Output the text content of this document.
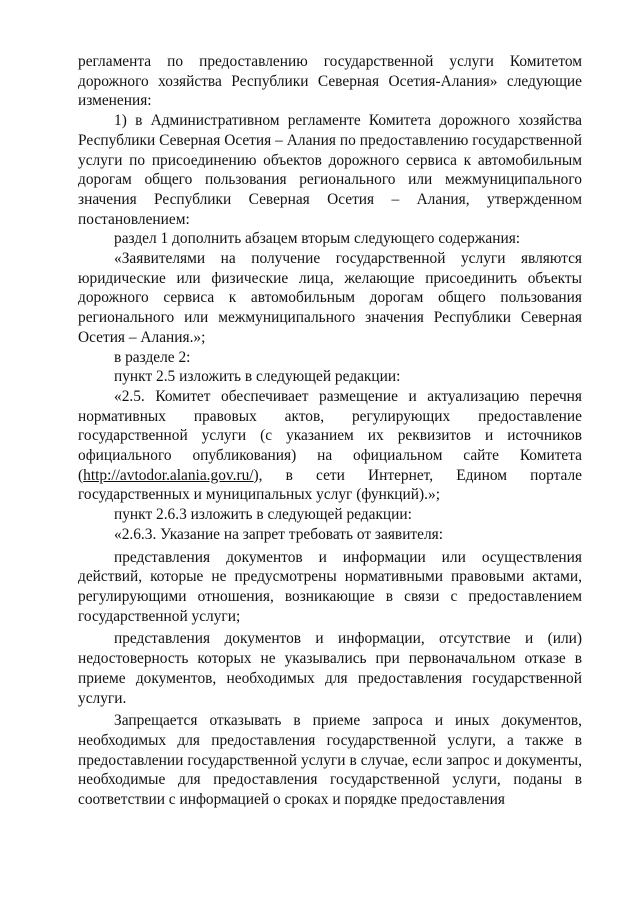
регламента по предоставлению государственной услуги Комитетом дорожного хозяйства Республики Северная Осетия-Алания» следующие изменения:

1) в Административном регламенте Комитета дорожного хозяйства Республики Северная Осетия – Алания по предоставлению государственной услуги по присоединению объектов дорожного сервиса к автомобильным дорогам общего пользования регионального или межмуниципального значения Республики Северная Осетия – Алания, утвержденном постановлением:

раздел 1 дополнить абзацем вторым следующего содержания:

«Заявителями на получение государственной услуги являются юридические или физические лица, желающие присоединить объекты дорожного сервиса к автомобильным дорогам общего пользования регионального или межмуниципального значения Республики Северная Осетия – Алания.»;

в разделе 2:

пункт 2.5 изложить в следующей редакции:

«2.5. Комитет обеспечивает размещение и актуализацию перечня нормативных правовых актов, регулирующих предоставление государственной услуги (с указанием их реквизитов и источников официального опубликования) на официальном сайте Комитета (http://avtodor.alania.gov.ru/), в сети Интернет, Едином портале государственных и муниципальных услуг (функций).»;

пункт 2.6.3 изложить в следующей редакции:

«2.6.3. Указание на запрет требовать от заявителя:

представления документов и информации или осуществления действий, которые не предусмотрены нормативными правовыми актами, регулирующими отношения, возникающие в связи с предоставлением государственной услуги;

представления документов и информации, отсутствие и (или) недостоверность которых не указывались при первоначальном отказе в приеме документов, необходимых для предоставления государственной услуги.

Запрещается отказывать в приеме запроса и иных документов, необходимых для предоставления государственной услуги, а также в предоставлении государственной услуги в случае, если запрос и документы, необходимые для предоставления государственной услуги, поданы в соответствии с информацией о сроках и порядке предоставления
